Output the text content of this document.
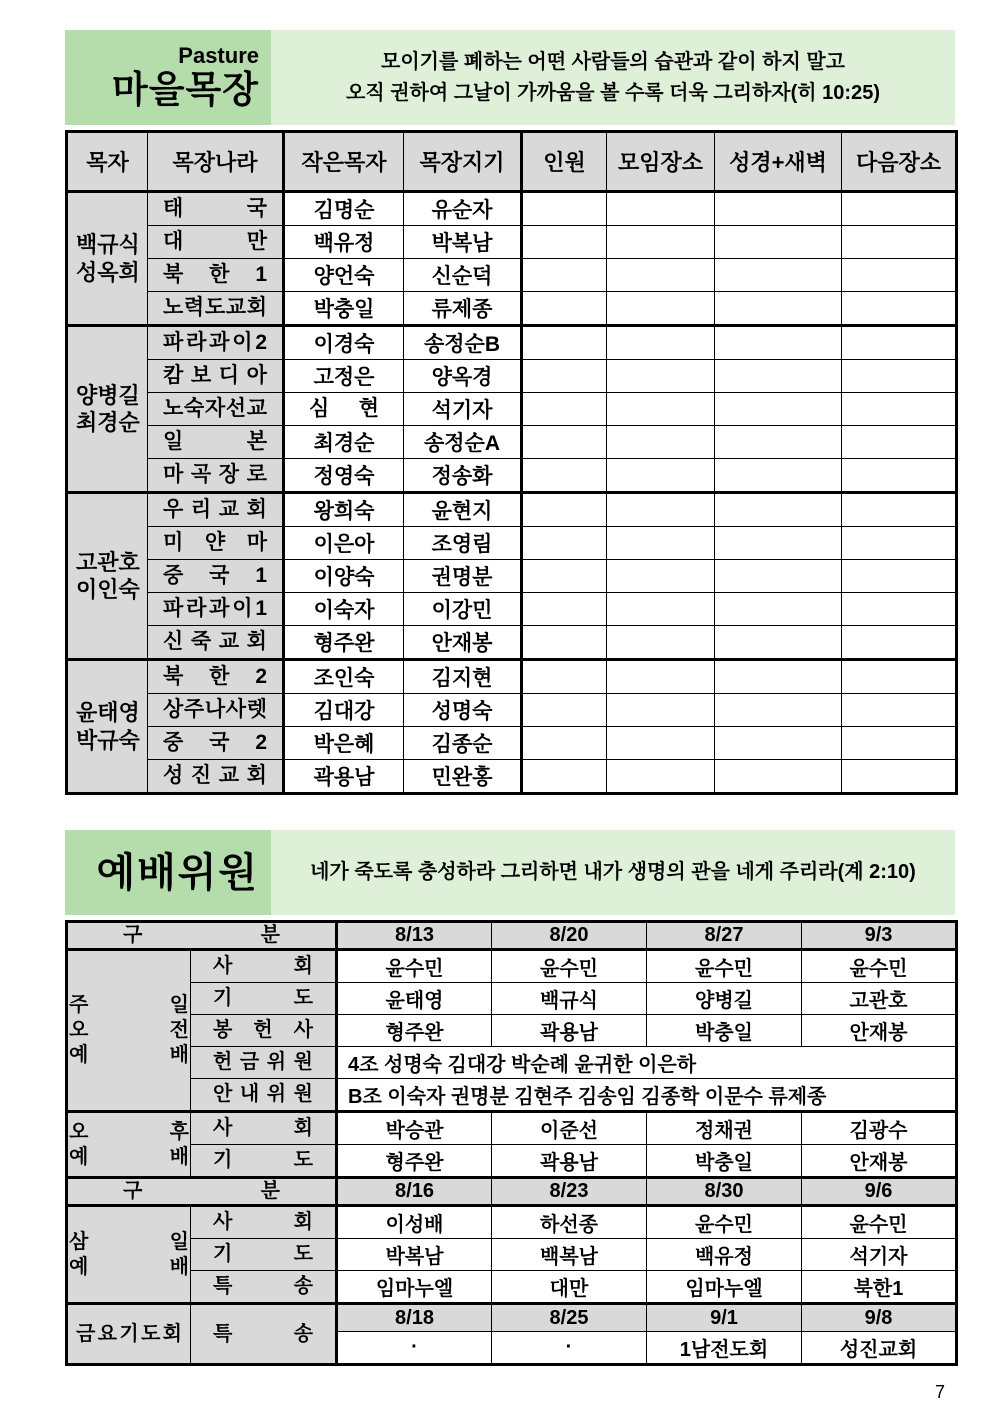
Pasture
마을목장
모이기를 폐하는 어떤 사람들의 습관과 같이 하지 말고
오직 권하여 그날이 가까움을 볼 수록 더욱 그리하자(히 10:25)
목자	목장나라	작은목자	목장지기	인원	모임장소	성경+새벽	다음장소

백 규 식
성 옥 희

태	국	김명순	유순자				

	대 만	백유정	박복남				

	북 한 1	양언숙	신순덕				

	노 력 도 교 회	박충일	류제종				

양 병 길
최 경 순

파 라 과 이 2	이경숙	송정순B				

	캄 보 디 아	고정은	양옥경				

	노 숙 자 선 교	심 현	석기자				

	일 본	최경순	송정순A				

	마 곡 장 로	정영숙	정송화				

고 관 호
이 인 숙

우 리 교 회	왕희숙	윤현지				

	미 얀 마	이은아	조영림				

	중 국 1	이양숙	권명분				

	파 라 과 이 1	이숙자	이강민				

	신 죽 교 회	형주완	안재봉				

윤 태 영
박 규 숙

북 한 2	조인숙	김지현				

	상 주 나 사 렛	김대강	성명숙				

	중 국 2	박은혜	김종순				

	성 진 교 회	곽용남	민완홍				
예배위원	네가 죽도록 충성하라 그리하면 내가 생명의 관을 네게 주리라(계 2:10)
구 분		8/13	8/20	8/27	9/3

주	일
오	전
예	배

사	회	윤수민	윤수민	윤수민	윤수민

	기 도	윤태영	백규식	양병길	고관호

	봉 헌 사	형주완	곽용남	박충일	안재봉

	헌 금 위 원	4조 성명숙 김대강 박순례 윤귀한 이은하			

	안 내 위 원	B조 이숙자 권명분 김현주 김송임 김종학 이문수 류제종			

오	후
예	배

사	회	박승관	이준선	정채권	김광수

	기 도	형주완	곽용남	박충일	안재봉

구 분		8/16	8/23	8/30	9/6

삼	일
예	배

사	회	이성배	하선종	윤수민	윤수민

	기 도	박복남	백복남	백유정	석기자

	특 송	임마누엘	대만	임마누엘	북한1

금 요 기 도 회	특 송	8/18	8/25	9/1	9/8
		·	·	1남전도회	성진교회
7
